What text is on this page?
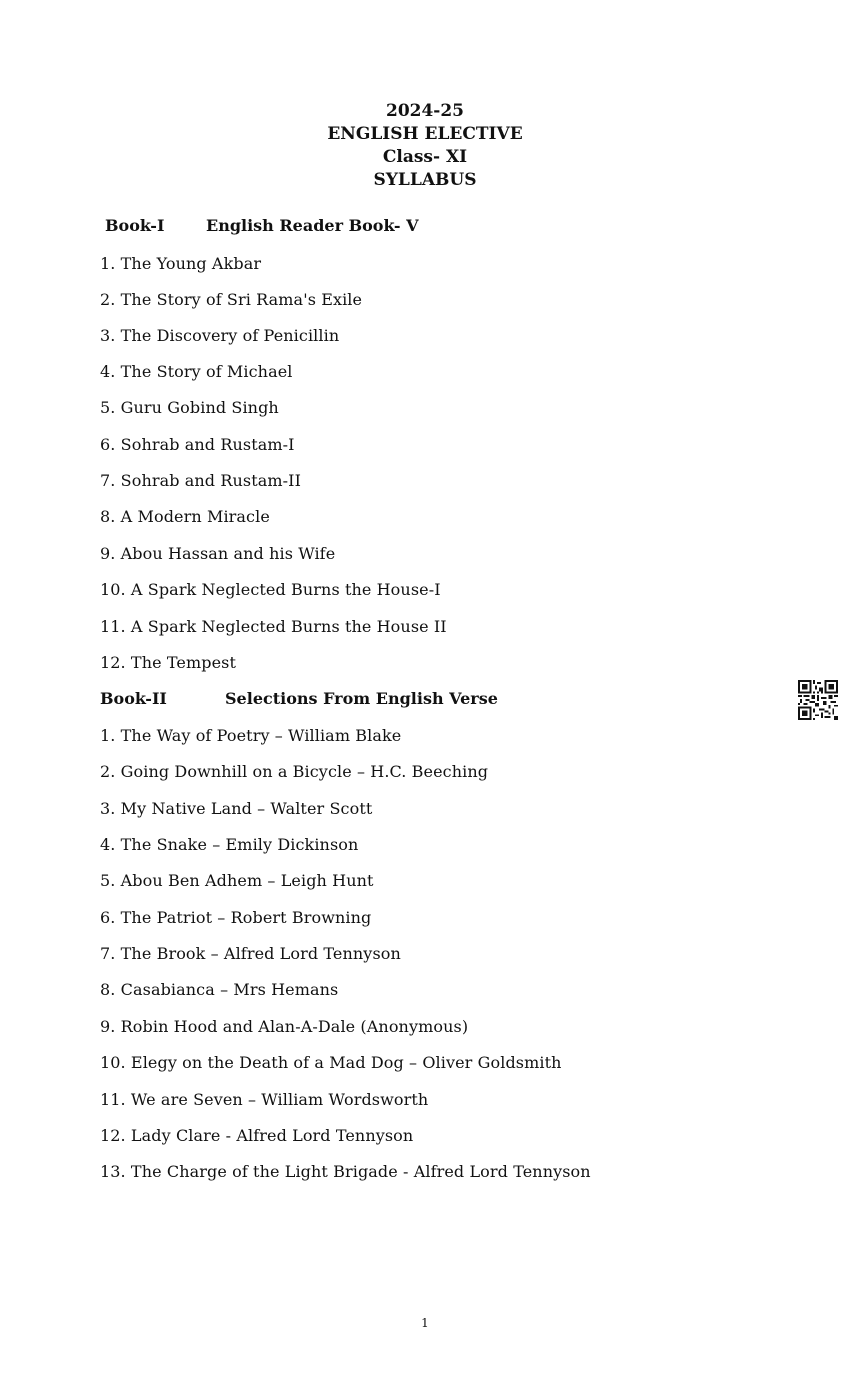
2024-25
ENGLISH ELECTIVE
Class- XI
SYLLABUS
Book-I	English Reader Book- V
1. The Young Akbar
2. The Story of Sri Rama's Exile
3. The Discovery of Penicillin
4. The Story of Michael
5. Guru Gobind Singh
6. Sohrab and Rustam-I
7. Sohrab and Rustam-II
8. A Modern Miracle
9. Abou Hassan and his Wife
10. A Spark Neglected Burns the House-I
11. A Spark Neglected Burns the House II
12. The Tempest
Book-II	Selections From English Verse
1. The Way of Poetry – William Blake
2. Going Downhill on a Bicycle – H.C. Beeching
3. My Native Land – Walter Scott
4. The Snake – Emily Dickinson
5. Abou Ben Adhem – Leigh Hunt
6. The Patriot – Robert Browning
7. The Brook – Alfred Lord Tennyson
8. Casabianca – Mrs Hemans
9. Robin Hood and Alan-A-Dale (Anonymous)
10. Elegy on the Death of a Mad Dog – Oliver Goldsmith
11. We are Seven – William Wordsworth
12. Lady Clare - Alfred Lord Tennyson
13. The Charge of the Light Brigade - Alfred Lord Tennyson
1
